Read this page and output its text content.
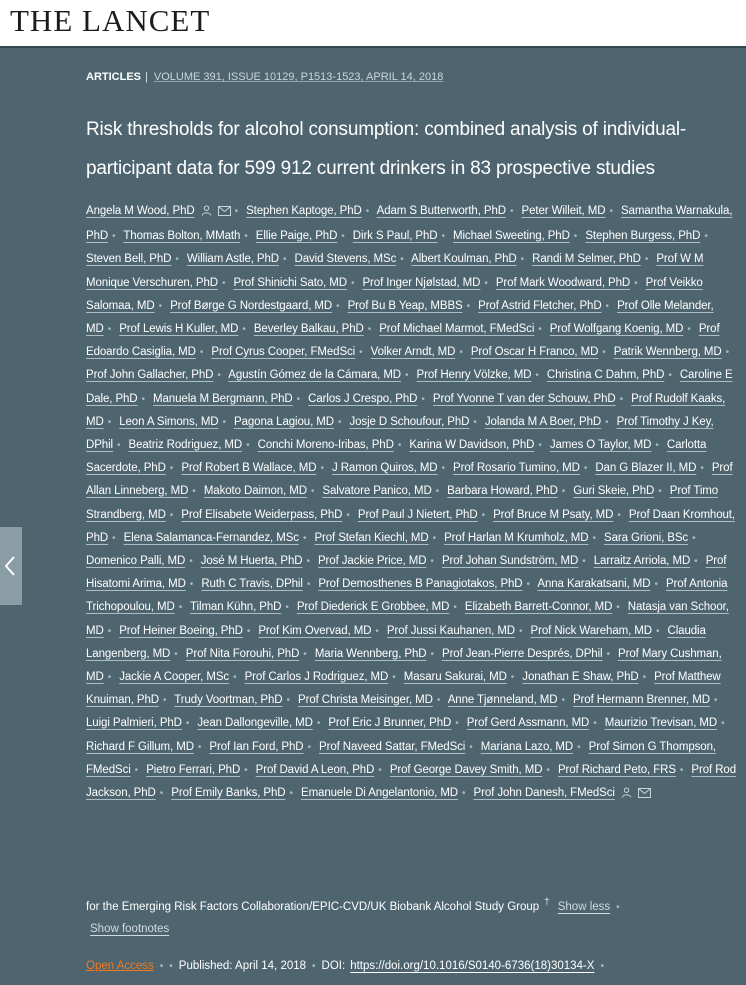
THE LANCET
ARTICLES | VOLUME 391, ISSUE 10129, P1513-1523, APRIL 14, 2018
Risk thresholds for alcohol consumption: combined analysis of individual-participant data for 599 912 current drinkers in 83 prospective studies
Angela M Wood, PhD	• Stephen Kaptoge, PhD • Adam S Butterworth, PhD • Peter Willeit, MD • Samantha Warnakula, PhD • Thomas Bolton, MMath • Ellie Paige, PhD • Dirk S Paul, PhD • Michael Sweeting, PhD • Stephen Burgess, PhD • Steven Bell, PhD • William Astle, PhD • David Stevens, MSc • Albert Koulman, PhD • Randi M Selmer, PhD • Prof W M Monique Verschuren, PhD • Prof Shinichi Sato, MD • Prof Inger Njølstad, MD • Prof Mark Woodward, PhD • Prof Veikko Salomaa, MD • Prof Børge G Nordestgaard, MD • Prof Bu B Yeap, MBBS • Prof Astrid Fletcher, PhD • Prof Olle Melander, MD • Prof Lewis H Kuller, MD • Beverley Balkau, PhD • Prof Michael Marmot, FMedSci • Prof Wolfgang Koenig, MD • Prof Edoardo Casiglia, MD • Prof Cyrus Cooper, FMedSci • Volker Arndt, MD • Prof Oscar H Franco, MD • Patrik Wennberg, MD • Prof John Gallacher, PhD • Agustín Gómez de la Cámara, MD • Prof Henry Völzke, MD • Christina C Dahm, PhD • Caroline E Dale, PhD • Manuela M Bergmann, PhD • Carlos J Crespo, PhD • Prof Yvonne T van der Schouw, PhD • Prof Rudolf Kaaks, MD • Leon A Simons, MD • Pagona Lagiou, MD • Josje D Schoufour, PhD • Jolanda M A Boer, PhD • Prof Timothy J Key, DPhil • Beatriz Rodriguez, MD • Conchi Moreno-Iribas, PhD • Karina W Davidson, PhD • James O Taylor, MD • Carlotta Sacerdote, PhD • Prof Robert B Wallace, MD • J Ramon Quiros, MD • Prof Rosario Tumino, MD • Dan G Blazer II, MD • Prof Allan Linneberg, MD • Makoto Daimon, MD • Salvatore Panico, MD • Barbara Howard, PhD • Guri Skeie, PhD • Prof Timo Strandberg, MD • Prof Elisabete Weiderpass, PhD • Prof Paul J Nietert, PhD • Prof Bruce M Psaty, MD • Prof Daan Kromhout, PhD • Elena Salamanca-Fernandez, MSc • Prof Stefan Kiechl, MD • Prof Harlan M Krumholz, MD • Sara Grioni, BSc • Domenico Palli, MD • José M Huerta, PhD • Prof Jackie Price, MD • Prof Johan Sundström, MD • Larraitz Arriola, MD • Prof Hisatomi Arima, MD • Ruth C Travis, DPhil • Prof Demosthenes B Panagiotakos, PhD • Anna Karakatsani, MD • Prof Antonia Trichopoulou, MD • Tilman Kühn, PhD • Prof Diederick E Grobbee, MD • Elizabeth Barrett-Connor, MD • Natasja van Schoor, MD • Prof Heiner Boeing, PhD • Prof Kim Overvad, MD • Prof Jussi Kauhanen, MD • Prof Nick Wareham, MD • Claudia Langenberg, MD • Prof Nita Forouhi, PhD • Maria Wennberg, PhD • Prof Jean-Pierre Després, DPhil • Prof Mary Cushman, MD • Jackie A Cooper, MSc • Prof Carlos J Rodriguez, MD • Masaru Sakurai, MD • Jonathan E Shaw, PhD • Prof Matthew Knuiman, PhD • Trudy Voortman, PhD • Prof Christa Meisinger, MD • Anne Tjønneland, MD • Prof Hermann Brenner, MD • Luigi Palmieri, PhD • Jean Dallongeville, MD • Prof Eric J Brunner, PhD • Prof Gerd Assmann, MD • Maurizio Trevisan, MD • Richard F Gillum, MD • Prof Ian Ford, PhD • Prof Naveed Sattar, FMedSci • Mariana Lazo, MD • Prof Simon G Thompson, FMedSci • Pietro Ferrari, PhD • Prof David A Leon, PhD • Prof George Davey Smith, MD • Prof Richard Peto, FRS • Prof Rod Jackson, PhD • Prof Emily Banks, PhD • Emanuele Di Angelantonio, MD • Prof John Danesh, FMedSci
for the Emerging Risk Factors Collaboration/EPIC-CVD/UK Biobank Alcohol Study Group † Show less •
Show footnotes
Open Access • • Published: April 14, 2018 • DOI: https://doi.org/10.1016/S0140-6736(18)30134-X •
